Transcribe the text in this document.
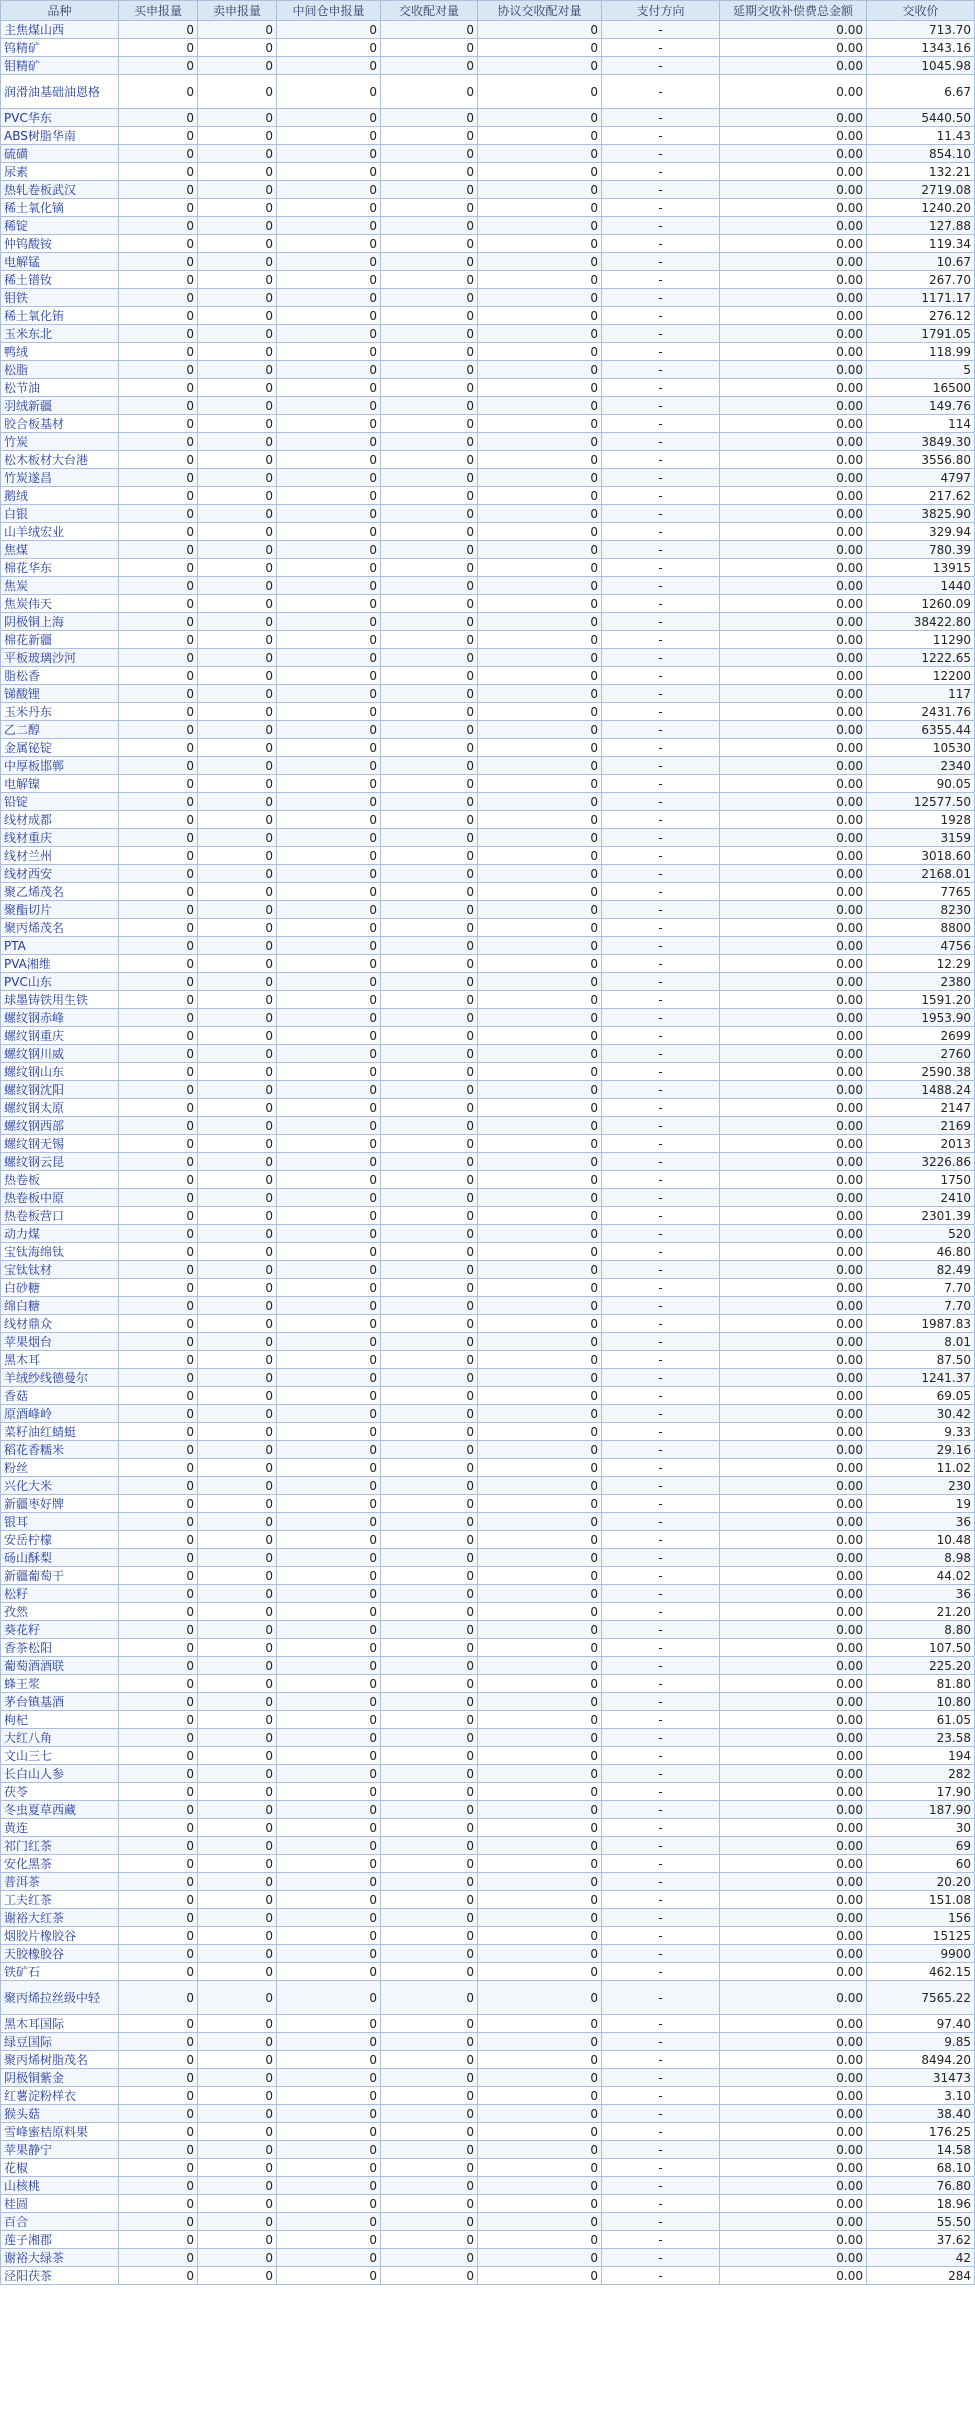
品种	买申报量	卖申报量	中间仓申报量	交收配对量	协议交收配对量	支付方向	延期交收补偿费总金额	交收价
主焦煤山西	0	0	0	0	0	-	0.00	713.70
钨精矿	0	0	0	0	0	-	0.00	1343.16
钼精矿	0	0	0	0	0	-	0.00	1045.98
润滑油基础油恩格	0	0	0	0	0	-	0.00	6.67
PVC华东	0	0	0	0	0	-	0.00	5440.50
ABS树脂华南	0	0	0	0	0	-	0.00	11.43
硫磺	0	0	0	0	0	-	0.00	854.10
尿素	0	0	0	0	0	-	0.00	132.21
热轧卷板武汉	0	0	0	0	0	-	0.00	2719.08
稀土氧化镝	0	0	0	0	0	-	0.00	1240.20
稀锭	0	0	0	0	0	-	0.00	127.88
仲钨酸铵	0	0	0	0	0	-	0.00	119.34
电解锰	0	0	0	0	0	-	0.00	10.67
稀土镨钕	0	0	0	0	0	-	0.00	267.70
钼铁	0	0	0	0	0	-	0.00	1171.17
稀土氧化铕	0	0	0	0	0	-	0.00	276.12
玉米东北	0	0	0	0	0	-	0.00	1791.05
鸭绒	0	0	0	0	0	-	0.00	118.99
松脂	0	0	0	0	0	-	0.00	5
松节油	0	0	0	0	0	-	0.00	16500
羽绒新疆	0	0	0	0	0	-	0.00	149.76
胶合板基材	0	0	0	0	0	-	0.00	114
竹炭	0	0	0	0	0	-	0.00	3849.30
松木板材大台港	0	0	0	0	0	-	0.00	3556.80
竹炭遂昌	0	0	0	0	0	-	0.00	4797
鹅绒	0	0	0	0	0	-	0.00	217.62
白银	0	0	0	0	0	-	0.00	3825.90
山羊绒宏业	0	0	0	0	0	-	0.00	329.94
焦煤	0	0	0	0	0	-	0.00	780.39
棉花华东	0	0	0	0	0	-	0.00	13915
焦炭	0	0	0	0	0	-	0.00	1440
焦炭伟天	0	0	0	0	0	-	0.00	1260.09
阴极铜上海	0	0	0	0	0	-	0.00	38422.80
棉花新疆	0	0	0	0	0	-	0.00	11290
平板玻璃沙河	0	0	0	0	0	-	0.00	1222.65
脂松香	0	0	0	0	0	-	0.00	12200
锑酸锂	0	0	0	0	0	-	0.00	117
玉米丹东	0	0	0	0	0	-	0.00	2431.76
乙二醇	0	0	0	0	0	-	0.00	6355.44
金属铋锭	0	0	0	0	0	-	0.00	10530
中厚板邯郸	0	0	0	0	0	-	0.00	2340
电解镍	0	0	0	0	0	-	0.00	90.05
铅锭	0	0	0	0	0	-	0.00	12577.50
线材成都	0	0	0	0	0	-	0.00	1928
线材重庆	0	0	0	0	0	-	0.00	3159
线材兰州	0	0	0	0	0	-	0.00	3018.60
线材西安	0	0	0	0	0	-	0.00	2168.01
聚乙烯茂名	0	0	0	0	0	-	0.00	7765
聚酯切片	0	0	0	0	0	-	0.00	8230
聚丙烯茂名	0	0	0	0	0	-	0.00	8800
PTA	0	0	0	0	0	-	0.00	4756
PVA湘维	0	0	0	0	0	-	0.00	12.29
PVC山东	0	0	0	0	0	-	0.00	2380
球墨铸铁用生铁	0	0	0	0	0	-	0.00	1591.20
螺纹钢赤峰	0	0	0	0	0	-	0.00	1953.90
螺纹钢重庆	0	0	0	0	0	-	0.00	2699
螺纹钢川威	0	0	0	0	0	-	0.00	2760
螺纹钢山东	0	0	0	0	0	-	0.00	2590.38
螺纹钢沈阳	0	0	0	0	0	-	0.00	1488.24
螺纹钢太原	0	0	0	0	0	-	0.00	2147
螺纹钢西部	0	0	0	0	0	-	0.00	2169
螺纹钢无锡	0	0	0	0	0	-	0.00	2013
螺纹钢云昆	0	0	0	0	0	-	0.00	3226.86
热卷板	0	0	0	0	0	-	0.00	1750
热卷板中原	0	0	0	0	0	-	0.00	2410
热卷板营口	0	0	0	0	0	-	0.00	2301.39
动力煤	0	0	0	0	0	-	0.00	520
宝钛海绵钛	0	0	0	0	0	-	0.00	46.80
宝钛钛材	0	0	0	0	0	-	0.00	82.49
白砂糖	0	0	0	0	0	-	0.00	7.70
绵白糖	0	0	0	0	0	-	0.00	7.70
线材鼎众	0	0	0	0	0	-	0.00	1987.83
苹果烟台	0	0	0	0	0	-	0.00	8.01
黑木耳	0	0	0	0	0	-	0.00	87.50
羊绒纱线德曼尔	0	0	0	0	0	-	0.00	1241.37
香菇	0	0	0	0	0	-	0.00	69.05
原酒峰岭	0	0	0	0	0	-	0.00	30.42
菜籽油红蜻蜓	0	0	0	0	0	-	0.00	9.33
稻花香糯米	0	0	0	0	0	-	0.00	29.16
粉丝	0	0	0	0	0	-	0.00	11.02
兴化大米	0	0	0	0	0	-	0.00	230
新疆枣好牌	0	0	0	0	0	-	0.00	19
银耳	0	0	0	0	0	-	0.00	36
安岳柠檬	0	0	0	0	0	-	0.00	10.48
砀山酥梨	0	0	0	0	0	-	0.00	8.98
新疆葡萄干	0	0	0	0	0	-	0.00	44.02
松籽	0	0	0	0	0	-	0.00	36
孜然	0	0	0	0	0	-	0.00	21.20
葵花籽	0	0	0	0	0	-	0.00	8.80
香茶松阳	0	0	0	0	0	-	0.00	107.50
葡萄酒酒联	0	0	0	0	0	-	0.00	225.20
蜂王浆	0	0	0	0	0	-	0.00	81.80
茅台镇基酒	0	0	0	0	0	-	0.00	10.80
枸杞	0	0	0	0	0	-	0.00	61.05
大红八角	0	0	0	0	0	-	0.00	23.58
文山三七	0	0	0	0	0	-	0.00	194
长白山人参	0	0	0	0	0	-	0.00	282
茯苓	0	0	0	0	0	-	0.00	17.90
冬虫夏草西藏	0	0	0	0	0	-	0.00	187.90
黄连	0	0	0	0	0	-	0.00	30
祁门红茶	0	0	0	0	0	-	0.00	69
安化黑茶	0	0	0	0	0	-	0.00	60
普洱茶	0	0	0	0	0	-	0.00	20.20
工夫红茶	0	0	0	0	0	-	0.00	151.08
谢裕大红茶	0	0	0	0	0	-	0.00	156
烟胶片橡胶谷	0	0	0	0	0	-	0.00	15125
天胶橡胶谷	0	0	0	0	0	-	0.00	9900
铁矿石	0	0	0	0	0	-	0.00	462.15
聚丙烯拉丝级中轻	0	0	0	0	0	-	0.00	7565.22
黑木耳国际	0	0	0	0	0	-	0.00	97.40
绿豆国际	0	0	0	0	0	-	0.00	9.85
聚丙烯树脂茂名	0	0	0	0	0	-	0.00	8494.20
阴极铜紫金	0	0	0	0	0	-	0.00	31473
红薯淀粉样衣	0	0	0	0	0	-	0.00	3.10
猴头菇	0	0	0	0	0	-	0.00	38.40
雪峰蜜桔原料果	0	0	0	0	0	-	0.00	176.25
苹果静宁	0	0	0	0	0	-	0.00	14.58
花椒	0	0	0	0	0	-	0.00	68.10
山核桃	0	0	0	0	0	-	0.00	76.80
桂圆	0	0	0	0	0	-	0.00	18.96
百合	0	0	0	0	0	-	0.00	55.50
莲子湘郡	0	0	0	0	0	-	0.00	37.62
谢裕大绿茶	0	0	0	0	0	-	0.00	42
泾阳茯茶	0	0	0	0	0	-	0.00	284
